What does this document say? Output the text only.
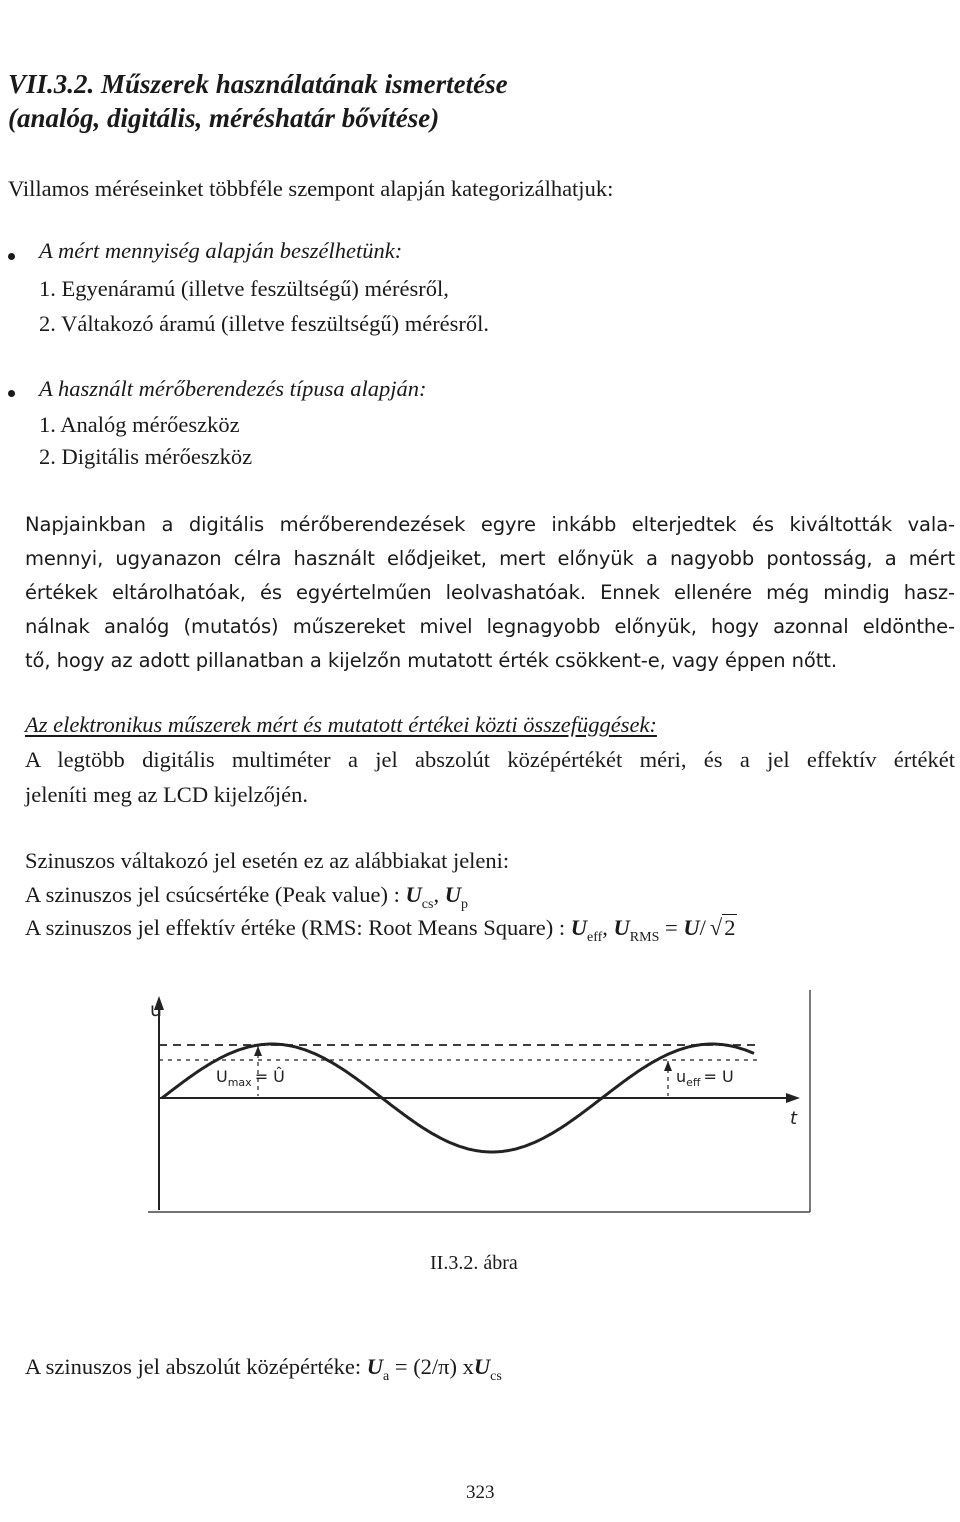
VII.3.2. Műszerek használatának ismertetése
(analóg, digitális, méréshatár bővítése)
Villamos méréseinket többféle szempont alapján kategorizálhatjuk:
A mért mennyiség alapján beszélhetünk:
1. Egyenáramú (illetve feszültségű) mérésről,
2. Váltakozó áramú (illetve feszültségű) mérésről.
A használt mérőberendezés típusa alapján:
1. Analóg mérőeszköz
2. Digitális mérőeszköz
Napjainkban a digitális mérőberendezések egyre inkább elterjedtek és kiváltották vala-
mennyi, ugyanazon célra használt elődjeiket, mert előnyük a nagyobb pontosság, a mért
értékek eltárolhatóak, és egyértelműen leolvashatóak. Ennek ellenére még mindig hasz-
nálnak analóg (mutatós) műszereket mivel legnagyobb előnyük, hogy azonnal eldönthe-
tő, hogy az adott pillanatban a kijelzőn mutatott érték csökkent-e, vagy éppen nőtt.
Az elektronikus műszerek mért és mutatott értékei közti összefüggések:
A legtöbb digitális multiméter a jel abszolút középértékét méri, és a jel effektív értékét
jeleníti meg az LCD kijelzőjén.
Szinuszos váltakozó jel esetén ez az alábbiakat jeleni:
A szinuszos jel csúcsértéke (Peak value) : $U_{cs}$, $U_p$
A szinuszos jel effektív értéke (RMS: Root Means Square) : $U_{eff}$, $U_{RMS} = U/$ √2
u
t
$U_{max}$ = Û	$u_{eff} = U$
II.3.2. ábra
A szinuszos jel abszolút középértéke: $U_a = (2/\pi)$ $xU_{cs}$
323
